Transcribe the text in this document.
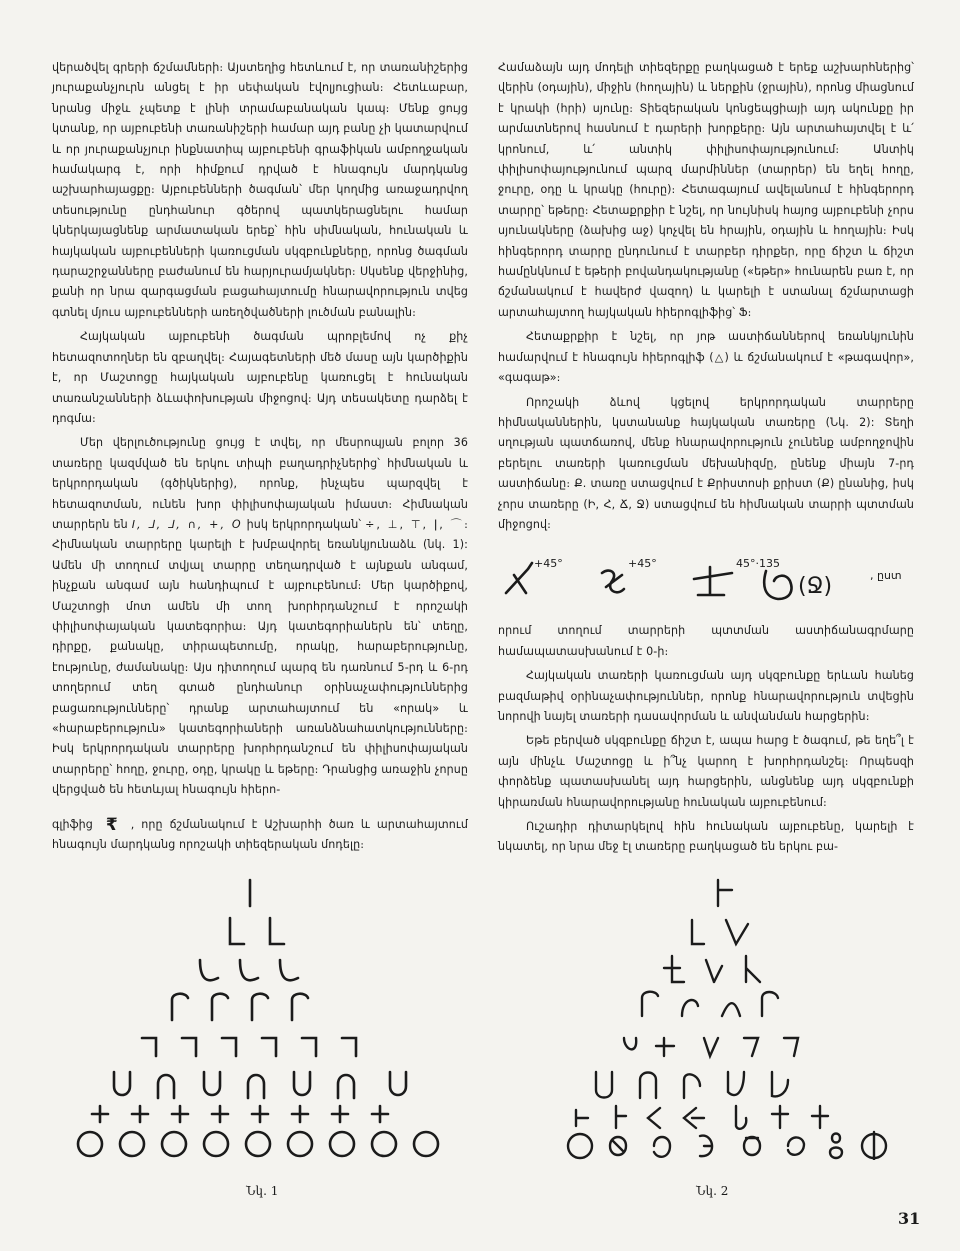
վերածվել գրերի ճշմամների։ Այստեղից հետևում է, որ տառանիշերից յուրաքանչյուրն անցել է իր սեփական էվոլյուցիան։ Հետևաբար, նրանց միջև չպետք է լինի տրամաբանական կապ։ Մենք ցույց կտանք, որ այբուբենի տառանիշերի համար այդ բանը չի կատարվում և որ յուրաքանչյուր ինքնատիպ այբուբենի գրաֆիկան ամբողջական համակարգ է, որի հիմքում դրված է հնագույն մարդկանց աշխարհայացքը։ Այբուբենների ծագման՝ մեր կողմից առաջադրվող տեսությունը ընդհանուր գծերով պատկերացնելու համար կներկայացնենք արմատական երեք՝ հին սիմնական, հունական և հայկական այբուբենների կառուցման սկզբունքները, որոնց ծագման դարաշրջանները բաժանում են հարյուրամյակներ։ Սկսենք վերջինից, քանի որ նրա զարգացման բացահայտումը հնարավորություն տվեց գտնել մյուս այբուբենների առեղծվածների լուծման բանալին։

Հայկական այբուբենի ծագման պրոբլեմով ոչ քիչ հետազոտողներ են զբաղվել։ Հայագետների մեծ մասը այն կարծիքին է, որ Մաշտոցը հայկական այբուբենը կառուցել է հունական տառանշանների ձևափոխության միջոցով։ Այդ տեսակետը դարձել է դոգմա։

Մեր վերլուծությունը ցույց է տվել, որ մեսրոպյան բոլոր 36 տառերը կազմված են երկու տիպի բաղադրիչներից՝ հիմնական և երկրորդական (գծիկներից), որոնք, ինչպես պարզվել է հետազոտման, ունեն խոր փիլիսոփայական իմաստ։ Հիմնական տարրերն են ꓲ, ⅃, ⅃, ∩, +, O իսկ երկրորդական՝ ÷, ⊥, ⊤, ǀ, ⌒։ Հիմնական տարրերը կարելի է խմբավորել եռանկյունաձև (նկ. 1): Ամեն մի տողում տվյալ տարրը տեղադրված է այնքան անգամ, ինչքան անգամ այն հանդիպում է այբուբենում։ Մեր կարծիքով, Մաշտոցի մոտ ամեն մի տող խորհրդանշում է որոշակի փիլիսոփայական կատեգորիա։ Այդ կատեգորիաներն են՝ տեղը, դիրքը, քանակը, տիրապետումը, որակը, հարաբերությունը, էությունը, ժամանակը։ Այս դիտողում պարզ են դառնում 5-րդ և 6-րդ տողերում տեղ գտած ընդհանուր օրինաչափություններից բացառությունները՝ դրանք արտահայտում են «որակ» և «հարաբերություն» կատեգորիաների առանձնահատկությունները։ Իսկ երկրորդական տարրերը խորհրդանշում են փիլիսոփայական տարրերը՝ հողը, ջուրը, օդը, կրակը և եթերը։ Դրանցից առաջին չորսը վերցված են հետևյալ հնագույն հիերո-

գլիֆից ₹ , որը ճշմանակում է Աշխարհի ծառ և արտահայտում հնագույն մարդկանց որոշակի տիեզերական մոդելը։

Համաձայն այդ մոդելի տիեզերքը բաղկացած է երեք աշխարհներից՝ վերին (օդային), միջին (հողային) և ներքին (ջրային), որոնց միացնում է կրակի (հրի) սյունը։ Տիեզերական կոնցեպցիայի այդ ակունքը իր արմատներով հասնում է դարերի խորքերը։ Այն արտահայտվել է և՛ կրոնում, և՛ անտիկ փիլիսոփայությունում։ Անտիկ փիլիսոփայությունում պարզ մարմիններ (տարրեր) են եղել հողը, ջուրը, օդը և կրակը (հուրը)։ Հետագայում ավելանում է հինգերորդ տարրը՝ եթերը։ Հետաքրքիր է նշել, որ նույնիսկ հայոց այբուբենի չորս սյունակները (ձախից աջ) կոչվել են հրային, օդային և հողային։ Իսկ հինգերորդ տարրը ընդունում է տարբեր դիրքեր, որը ճիշտ և ճիշտ համընկնում է եթերի բովանդակությանը («եթեր» հունարեն բառ է, որ ճշմանակում է հավերժ վազող) և կարելի է ստանալ ճշմարտացի արտահայտող հայկական հիերոգլիֆից՝ Ֆ։

Հետաքրքիր է նշել, որ յոթ աստիճաններով եռանկյունին համարվում է հնագույն հիերոգլիֆ (△) և ճշմանակում է «թագավոր», «գագաթ»։

Որոշակի ձևով կցելով երկրորդական տարրերը հիմնականներին, կստանանք հայկական տառերը (Նկ. 2): Տեղի սղության պատճառով, մենք հնարավորություն չունենք ամբողջովին բերելու տառերի կառուցման մեխանիզմը, ընենք միայն 7-րդ աստիճանը։ Ք. տառը ստացվում է Քրիստոսի քրիստ (Ք) ընանից, իսկ չորս տառերը (Ի, Հ, Ճ, Ջ) ստացվում են հիմնական տարրի պտտման միջոցով։

+45°	+45°	45°·135
(Ջ)	, ըստ

որում տողում տարրերի պտտման աստիճանագրմարը համապատասխանում է 0-ի։

Հայկական տառերի կառուցման այդ սկզբունքը երևան հանեց բազմաթիվ օրինաչափություններ, որոնք հնարավորություն տվեցին նորովի նայել տառերի դասավորման և անվանման հարցերին։

Եթե բերված սկզբունքը ճիշտ է, ապա հարց է ծագում, թե եղե՞լ է այն մինչև Մաշտոցը և ի՞նչ կարող է խորհրդանշել։ Որպեսզի փորձենք պատասխանել այդ հարցերին, անցնենք այդ սկզբունքի կիրառման հնարավորությանը հունական այբուբենում։

Ուշադիր դիտարկելով հին հունական այբուբենը, կարելի է նկատել, որ նրա մեջ էլ տառերը բաղկացած են երկու բա-

Նկ. 1	Նկ. 2
31
